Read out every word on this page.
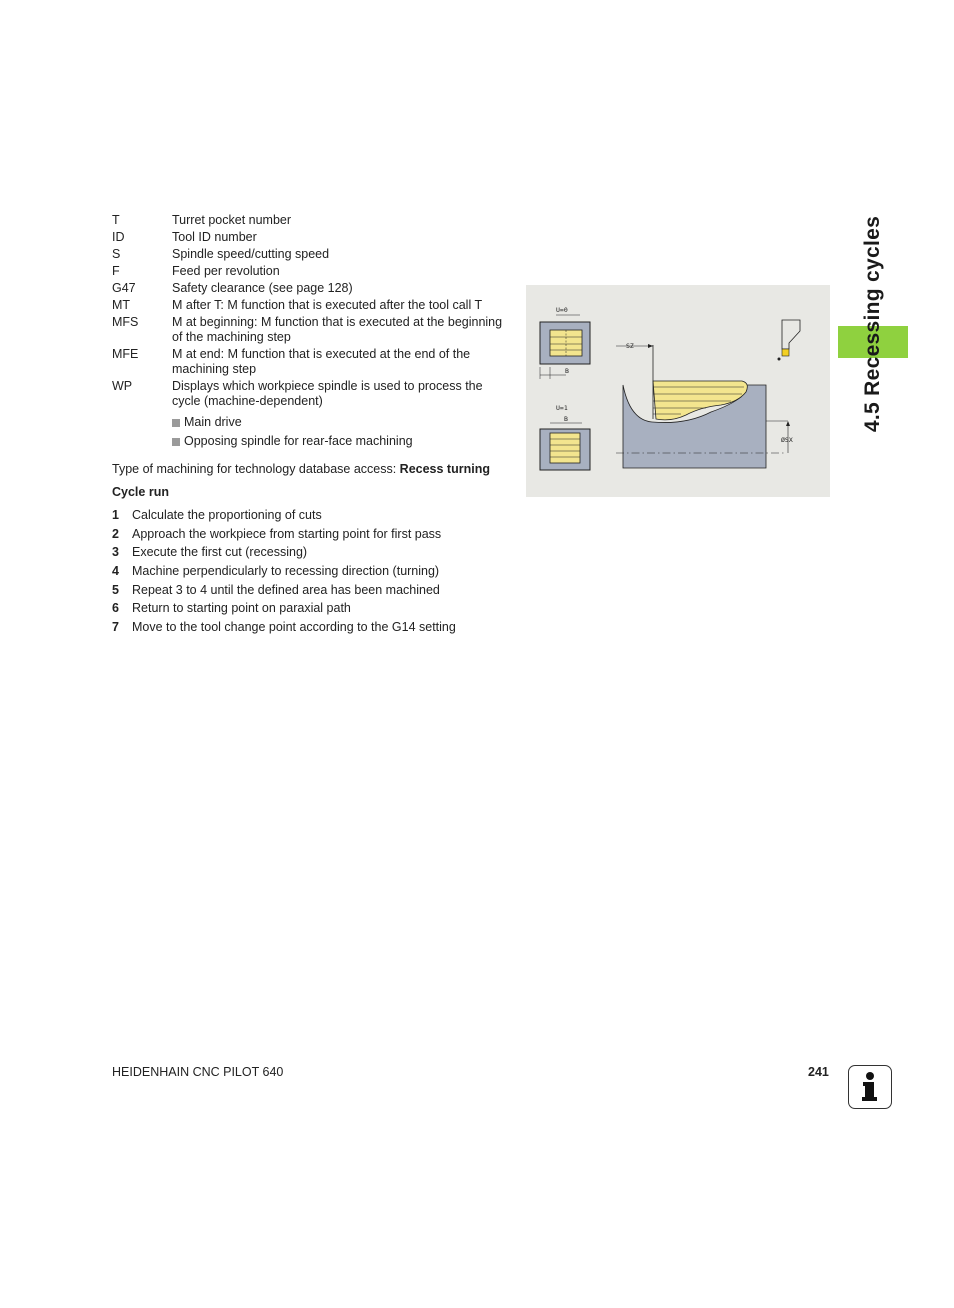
T	Turret pocket number
ID	Tool ID number
S	Spindle speed/cutting speed
F	Feed per revolution
G47	Safety clearance (see page 128)
MT	M after T: M function that is executed after the tool call T
MFS	M at beginning: M function that is executed at the beginning of the machining step
MFE	M at end: M function that is executed at the end of the machining step
WP	Displays which workpiece spindle is used to process the cycle (machine-dependent)
Main drive
Opposing spindle for rear-face machining
Type of machining for technology database access: Recess turning
Cycle run
1	Calculate the proportioning of cuts
2	Approach the workpiece from starting point for first pass
3	Execute the first cut (recessing)
4	Machine perpendicularly to recessing direction (turning)
5	Repeat 3 to 4 until the defined area has been machined
6	Return to starting point on paraxial path
7	Move to the tool change point according to the G14 setting
U=0
B
U=1
B
SZ
ØSX
4.5 Recessing cycles
HEIDENHAIN CNC PILOT 640	241
